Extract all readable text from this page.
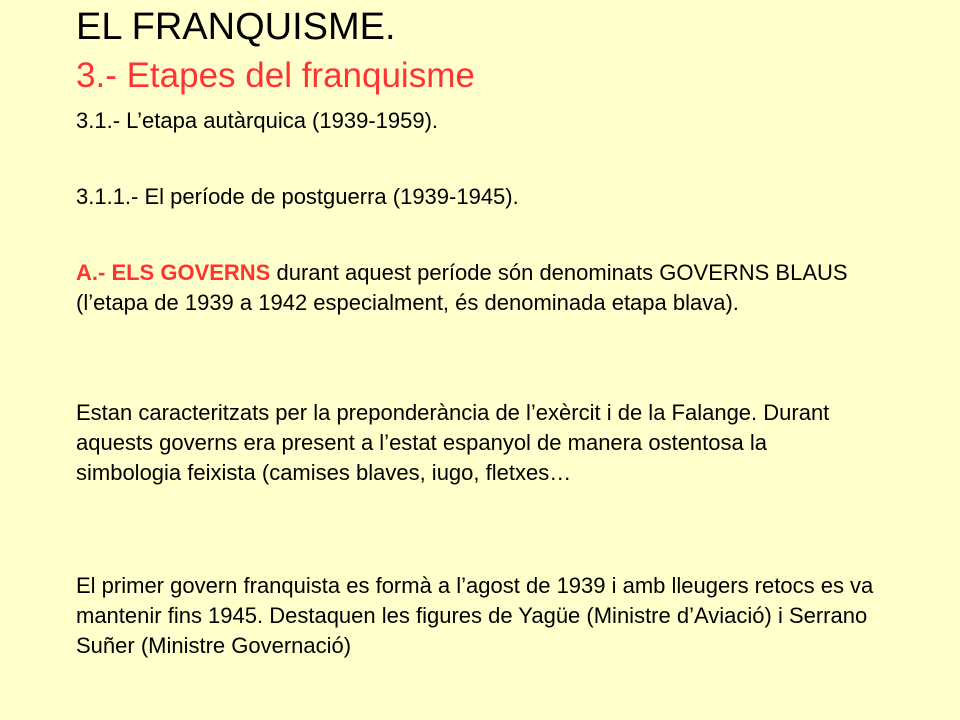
EL FRANQUISME.
3.- Etapes del franquisme

3.1.- L’etapa autàrquica (1939-1959).

3.1.1.- El període de postguerra (1939-1945).

A.- ELS GOVERNS durant aquest període són denominats GOVERNS BLAUS (l’etapa de 1939 a 1942 especialment, és denominada etapa blava).

Estan caracteritzats per la preponderància de l’exèrcit i de la Falange. Durant aquests governs era present a l’estat espanyol de manera ostentosa la simbologia feixista (camises blaves, iugo, fletxes…

El primer govern franquista es formà a l’agost de 1939 i amb lleugers retocs es va mantenir fins 1945. Destaquen les figures de Yagüe (Ministre d’Aviació) i Serrano Suñer (Ministre Governació)
